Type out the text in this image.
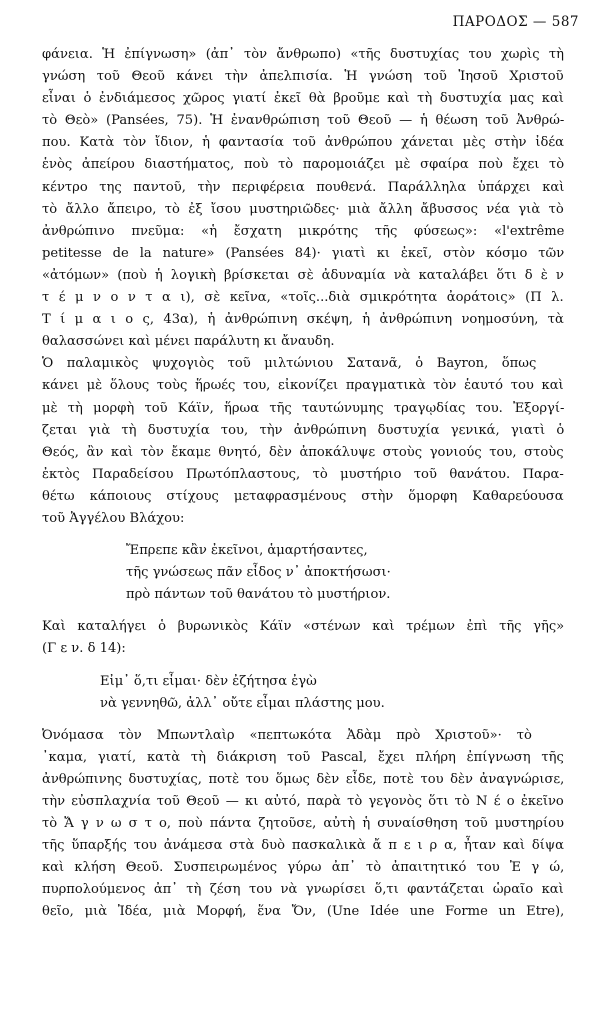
ΠΑΡΟΔΟΣ — 587
φάνεια. Ἡ ἐπίγνωση» (ἀπ᾽ τὸν ἄνθρωπο) «τῆς δυστυχίας του χωρὶς τὴ
γνώση τοῦ Θεοῦ κάνει τὴν ἀπελπισία. Ἡ γνώση τοῦ Ἰησοῦ Χριστοῦ
εἶναι ὁ ἐνδιάμεσος χῶρος γιατί ἐκεῖ θὰ βροῦμε καὶ τὴ δυστυχία μας καὶ
τὸ Θεὸ» (Pansées, 75). Ἡ ἐνανθρώπιση τοῦ Θεοῦ — ἡ θέωση τοῦ Ἀνθρώ-
που. Κατὰ τὸν ἴδιον, ἡ φαντασία τοῦ ἀνθρώπου χάνεται μὲς στὴν ἰδέα
ἑνὸς ἀπείρου διαστήματος, ποὺ τὸ παρομοιάζει μὲ σφαίρα ποὺ ἔχει τὸ
κέντρο της παντοῦ, τὴν περιφέρεια πουθενά. Παράλληλα ὑπάρχει καὶ
τὸ ἄλλο ἄπειρο, τὸ ἐξ ἴσου μυστηριῶδες· μιὰ ἄλλη ἄβυσσος νέα γιὰ τὸ
ἀνθρώπινο πνεῦμα: «ἡ ἔσχατη μικρότης τῆς φύσεως»: «l'extrême
petitesse de la nature» (Pansées 84)· γιατὶ κι ἐκεῖ, στὸν κόσμο τῶν
«ἀτόμων» (ποὺ ἡ λογικὴ βρίσκεται σὲ ἀδυναμία νὰ καταλάβει ὅτι δ ὲ ν
τ έ μ ν ο ν τ α ι), σὲ κεῖνα, «τοῖς...διὰ σμικρότητα ἀοράτοις» (Π λ.
Τ ί μ α ι ο ς, 43α), ἡ ἀνθρώπινη σκέψη, ἡ ἀνθρώπινη νοημοσύνη, τὰ
θαλασσώνει καὶ μένει παράλυτη κι ἄναυδη.
Ὁ παλαμικὸς ψυχογιὸς τοῦ μιλτώνιου Σατανᾶ, ὁ Bayron, ὅπως
κάνει μὲ ὅλους τοὺς ἥρωές του, εἰκονίζει πραγματικὰ τὸν ἑαυτό του καὶ
μὲ τὴ μορφὴ τοῦ Κάϊν, ἥρωα τῆς ταυτώνυμης τραγῳδίας του. Ἐξοργί-
ζεται γιὰ τὴ δυστυχία του, τὴν ἀνθρώπινη δυστυχία γενικά, γιατὶ ὁ
Θεός, ἂν καὶ τὸν ἔκαμε θνητό, δὲν ἀποκάλυψε στοὺς γονιούς του, στοὺς
ἐκτὸς Παραδείσου Πρωτόπλαστους, τὸ μυστήριο τοῦ θανάτου. Παρα-
θέτω κάποιους στίχους μεταφρασμένους στὴν ὅμορφη Καθαρεύουσα
τοῦ Ἀγγέλου Βλάχου:
Ἔπρεπε κἂν ἐκεῖνοι, ἁμαρτήσαντες,
τῆς γνώσεως πᾶν εἶδος ν᾽ ἀποκτήσωσι·
πρὸ πάντων τοῦ θανάτου τὸ μυστήριον.
Καὶ καταλήγει ὁ βυρωνικὸς Κάϊν «στένων καὶ τρέμων ἐπὶ τῆς γῆς»
(Γ ε ν. δ 14):
Εἰμ᾽ ὅ,τι εἶμαι· δὲν ἐζήτησα ἐγὼ
νὰ γεννηθῶ, ἀλλ᾽ οὔτε εἶμαι πλάστης μου.
Ὀνόμασα τὸν Μπωντλαὶρ «πεπτωκότα Ἀδὰμ πρὸ Χριστοῦ»· τὸ
᾽καμα, γιατί, κατὰ τὴ διάκριση τοῦ Pascal, ἔχει πλήρη ἐπίγνωση τῆς
ἀνθρώπινης δυστυχίας, ποτὲ του ὅμως δὲν εἶδε, ποτὲ του δὲν ἀναγνώρισε,
τὴν εὐσπλαχνία τοῦ Θεοῦ — κι αὐτό, παρὰ τὸ γεγονὸς ὅτι τὸ Ν έ ο ἐκεῖνο
τὸ Ἄ γ ν ω σ τ ο, ποὺ πάντα ζητοῦσε, αὐτὴ ἡ συναίσθηση τοῦ μυστηρίου
τῆς ὕπαρξής του ἀνάμεσα στὰ δυὸ πασκαλικὰ ἄ π ε ι ρ α, ἦταν καὶ δίψα
καὶ κλήση Θεοῦ. Συσπειρωμένος γύρω ἀπ᾽ τὸ ἀπαιτητικό του Ἐ γ ώ,
πυρπολούμενος ἀπ᾽ τὴ ζέση του νὰ γνωρίσει ὅ,τι φαντάζεται ὡραῖο καὶ
θεῖο, μιὰ Ἰδέα, μιὰ Μορφή, ἕνα Ὄν, (Une Idée une Forme un Etre),
